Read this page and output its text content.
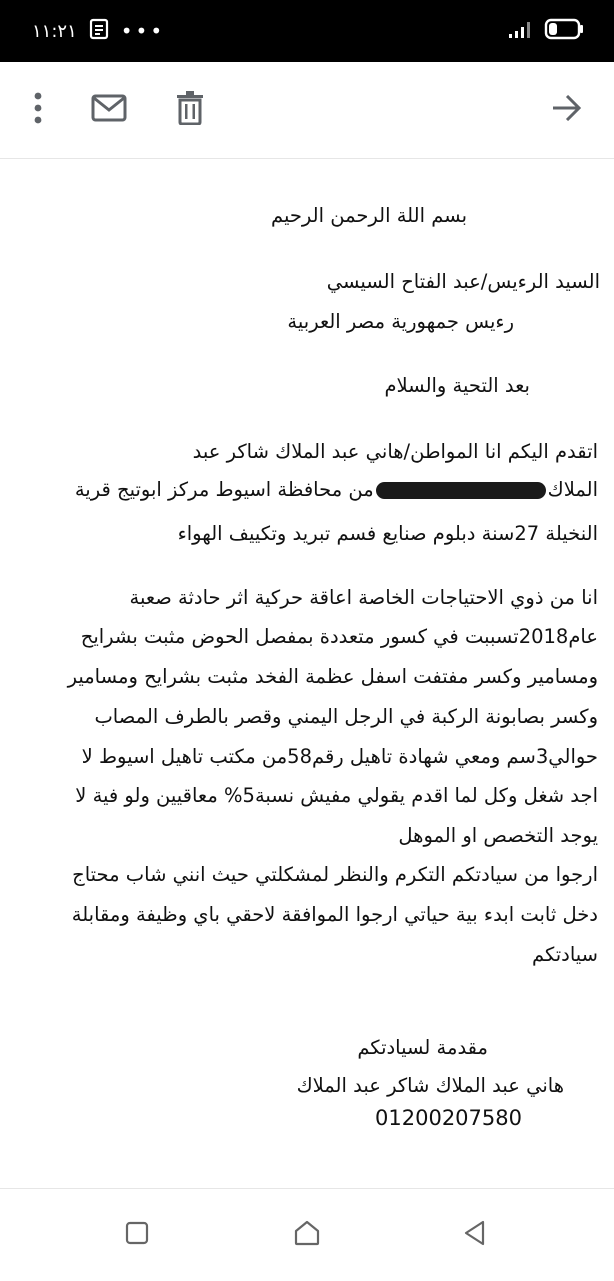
١١:٢١ •••
بسم اللة الرحمن الرحيم
السيد الرءيس/عبد الفتاح السيسي
رءيس جمهورية مصر العربية
بعد التحية والسلام
اتقدم اليكم انا المواطن/هاني عبد الملاك شاكر عبد
الملاكمن محافظة اسيوط مركز ابوتيج قرية
النخيلة 27سنة دبلوم صنايع فسم تبريد وتكييف الهواء
انا من ذوي الاحتياجات الخاصة اعاقة حركية اثر حادثة صعبة
عام2018تسببت في كسور متعددة بمفصل الحوض مثبت بشرايح
ومسامير وكسر مفتفت اسفل عظمة الفخد مثبت بشرايح ومسامير
وكسر بصابونة الركبة في الرجل اليمني وقصر بالطرف المصاب
حوالي3سم ومعي شهادة تاهيل رقم58من مكتب تاهيل اسيوط لا
اجد شغل وكل لما اقدم يقولي مفيش نسبة5% معاقيين ولو فية لا
يوجد التخصص او الموهل
ارجوا من سيادتكم التكرم والنظر لمشكلتي حيث انني شاب محتاج
دخل ثابت ابدء بية حياتي ارجوا الموافقة لاحقي باي وظيفة ومقابلة
سيادتكم
مقدمة لسيادتكم
هاني عبد الملاك شاكر عبد الملاك
01200207580
